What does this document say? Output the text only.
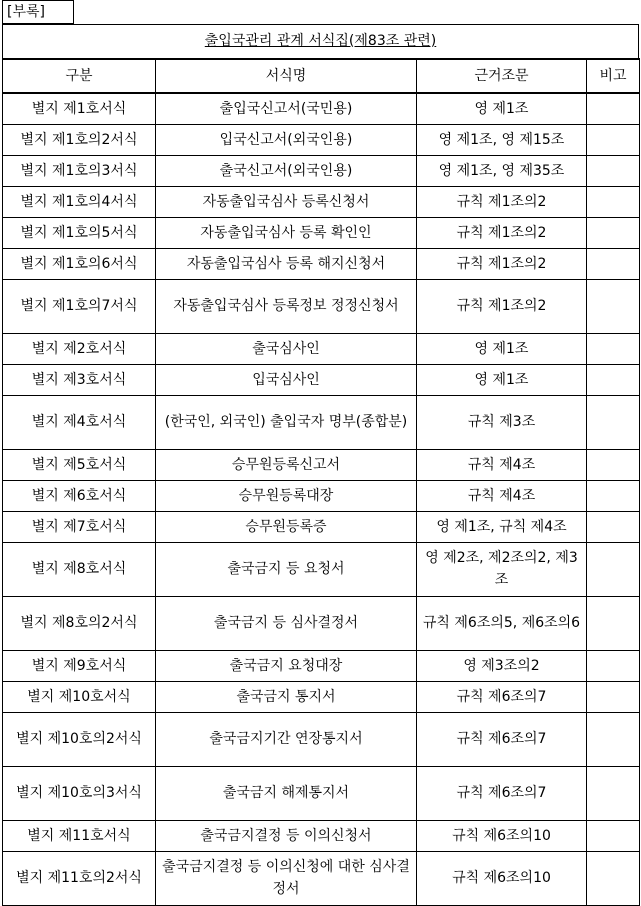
[부록]
출입국관리 관계 서식집(제83조 관련)
구분	서식명	근거조문	비고
별지 제1호서식	출입국신고서(국민용)	영 제1조	
별지 제1호의2서식	입국신고서(외국인용)	영 제1조, 영 제15조	
별지 제1호의3서식	출국신고서(외국인용)	영 제1조, 영 제35조	
별지 제1호의4서식	자동출입국심사 등록신청서	규칙 제1조의2	
별지 제1호의5서식	자동출입국심사 등록 확인인	규칙 제1조의2	
별지 제1호의6서식	자동출입국심사 등록 해지신청서	규칙 제1조의2	
별지 제1호의7서식	자동출입국심사 등록정보 정정신청서	규칙 제1조의2	
별지 제2호서식	출국심사인	영 제1조	
별지 제3호서식	입국심사인	영 제1조	
별지 제4호서식	(한국인, 외국인) 출입국자 명부(종합분)	규칙 제3조	
별지 제5호서식	승무원등록신고서	규칙 제4조	
별지 제6호서식	승무원등록대장	규칙 제4조	
별지 제7호서식	승무원등록증	영 제1조, 규칙 제4조	
별지 제8호서식	출국금지 등 요청서	영 제2조, 제2조의2, 제3조	
별지 제8호의2서식	출국금지 등 심사결정서	규칙 제6조의5, 제6조의6	
별지 제9호서식	출국금지 요청대장	영 제3조의2	
별지 제10호서식	출국금지 통지서	규칙 제6조의7	
별지 제10호의2서식	출국금지기간 연장통지서	규칙 제6조의7	
별지 제10호의3서식	출국금지 해제통지서	규칙 제6조의7	
별지 제11호서식	출국금지결정 등 이의신청서	규칙 제6조의10	
별지 제11호의2서식	출국금지결정 등 이의신청에 대한 심사결정서	규칙 제6조의10	
